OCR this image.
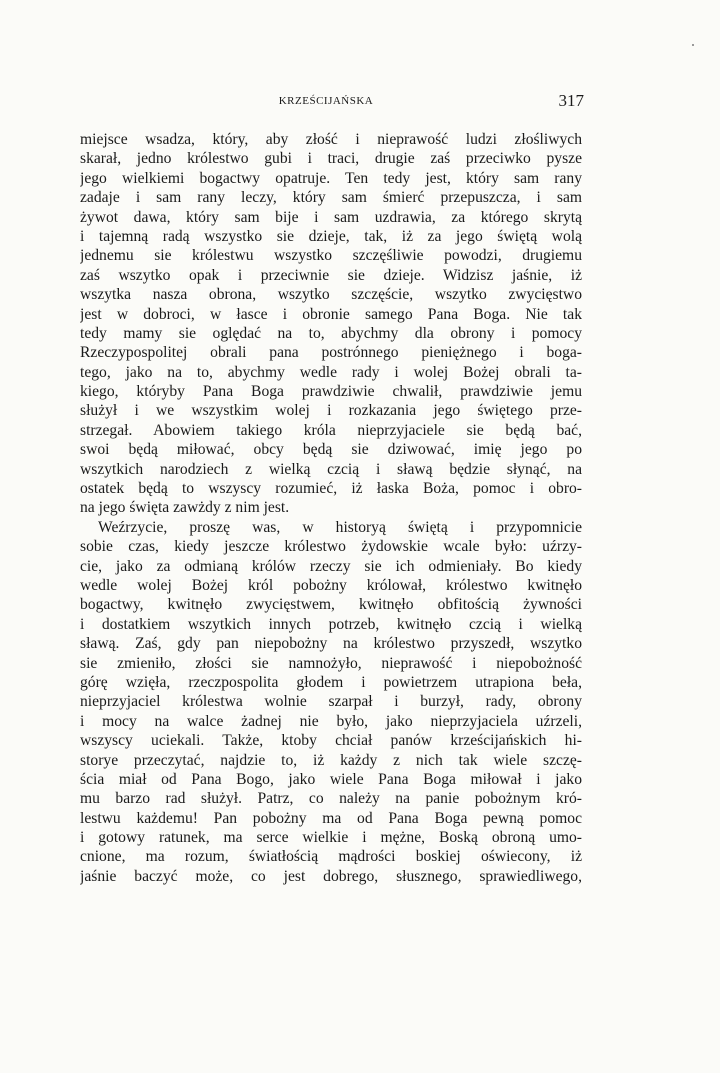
KRZEŚCIJAŃSKA	317
miejsce wsadza, który, aby złość i nieprawość ludzi złośliwych
skarał, jedno królestwo gubi i traci, drugie zaś przeciwko pysze
jego wielkiemi bogactwy opatruje. Ten tedy jest, który sam rany
zadaje i sam rany leczy, który sam śmierć przepuszcza, i sam
żywot dawa, który sam bije i sam uzdrawia, za którego skrytą
i tajemną radą wszystko sie dzieje, tak, iż za jego świętą wolą
jednemu sie królestwu wszystko szczęśliwie powodzi, drugiemu
zaś wszytko opak i przeciwnie sie dzieje. Widzisz jaśnie, iż
wszytka nasza obrona, wszytko szczęście, wszytko zwycięstwo
jest w dobroci, w łasce i obronie samego Pana Boga. Nie tak
tedy mamy sie oględać na to, abychmy dla obrony i pomocy
Rzeczypospolitej obrali pana postrónnego pieniężnego i boga-
tego, jako na to, abychmy wedle rady i wolej Bożej obrali ta-
kiego, któryby Pana Boga prawdziwie chwalił, prawdziwie jemu
służył i we wszystkim wolej i rozkazania jego świętego prze-
strzegał. Abowiem takiego króla nieprzyjaciele sie będą bać,
swoi będą miłować, obcy będą sie dziwować, imię jego po
wszytkich narodziech z wielką czcią i sławą będzie słynąć, na
ostatek będą to wszyscy rozumieć, iż łaska Boża, pomoc i obro-
na jego święta zawżdy z nim jest.
Weźrzycie, proszę was, w historyą świętą i przypomnicie
sobie czas, kiedy jeszcze królestwo żydowskie wcale było: uźrzy-
cie, jako za odmianą królów rzeczy sie ich odmieniały. Bo kiedy
wedle wolej Bożej król pobożny królował, królestwo kwitnęło
bogactwy, kwitnęło zwycięstwem, kwitnęło obfitością żywności
i dostatkiem wszytkich innych potrzeb, kwitnęło czcią i wielką
sławą. Zaś, gdy pan niepobożny na królestwo przyszedł, wszytko
sie zmieniło, złości sie namnożyło, nieprawość i niepobożność
górę wzięła, rzeczpospolita głodem i powietrzem utrapiona beła,
nieprzyjaciel królestwa wolnie szarpał i burzył, rady, obrony
i mocy na walce żadnej nie było, jako nieprzyjaciela uźrzeli,
wszyscy uciekali. Także, ktoby chciał panów krześcijańskich hi-
storye przeczytać, najdzie to, iż każdy z nich tak wiele szczę-
ścia miał od Pana Bogo, jako wiele Pana Boga miłował i jako
mu barzo rad służył. Patrz, co należy na panie pobożnym kró-
lestwu każdemu! Pan pobożny ma od Pana Boga pewną pomoc
i gotowy ratunek, ma serce wielkie i mężne, Boską obroną umo-
cnione, ma rozum, światłością mądrości boskiej oświecony, iż
jaśnie baczyć może, co jest dobrego, słusznego, sprawiedliwego,
